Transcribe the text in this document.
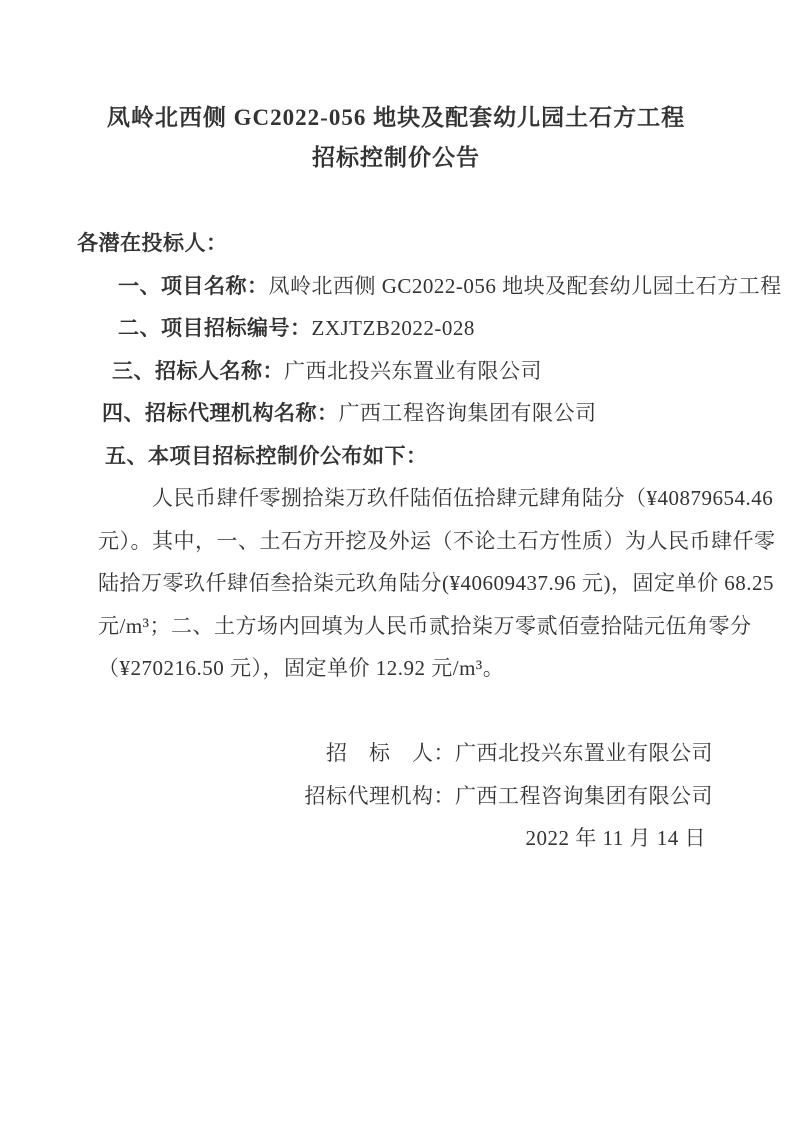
凤岭北西侧 GC2022-056 地块及配套幼儿园土石方工程
招标控制价公告
各潜在投标人：
一、项目名称：凤岭北西侧 GC2022-056 地块及配套幼儿园土石方工程
二、项目招标编号：ZXJTZB2022-028
三、招标人名称：广西北投兴东置业有限公司
四、招标代理机构名称：广西工程咨询集团有限公司
五、本项目招标控制价公布如下：
人民币肆仟零捌拾柒万玖仟陆佰伍拾肆元肆角陆分（¥40879654.46
元）。其中，一、土石方开挖及外运（不论土石方性质）为人民币肆仟零
陆拾万零玖仟肆佰叁拾柒元玖角陆分(¥40609437.96 元)，固定单价 68.25
元/m³；二、土方场内回填为人民币贰拾柒万零贰佰壹拾陆元伍角零分
（¥270216.50 元），固定单价 12.92 元/m³。
招　标　人：广西北投兴东置业有限公司
招标代理机构：广西工程咨询集团有限公司
2022 年 11 月 14 日
